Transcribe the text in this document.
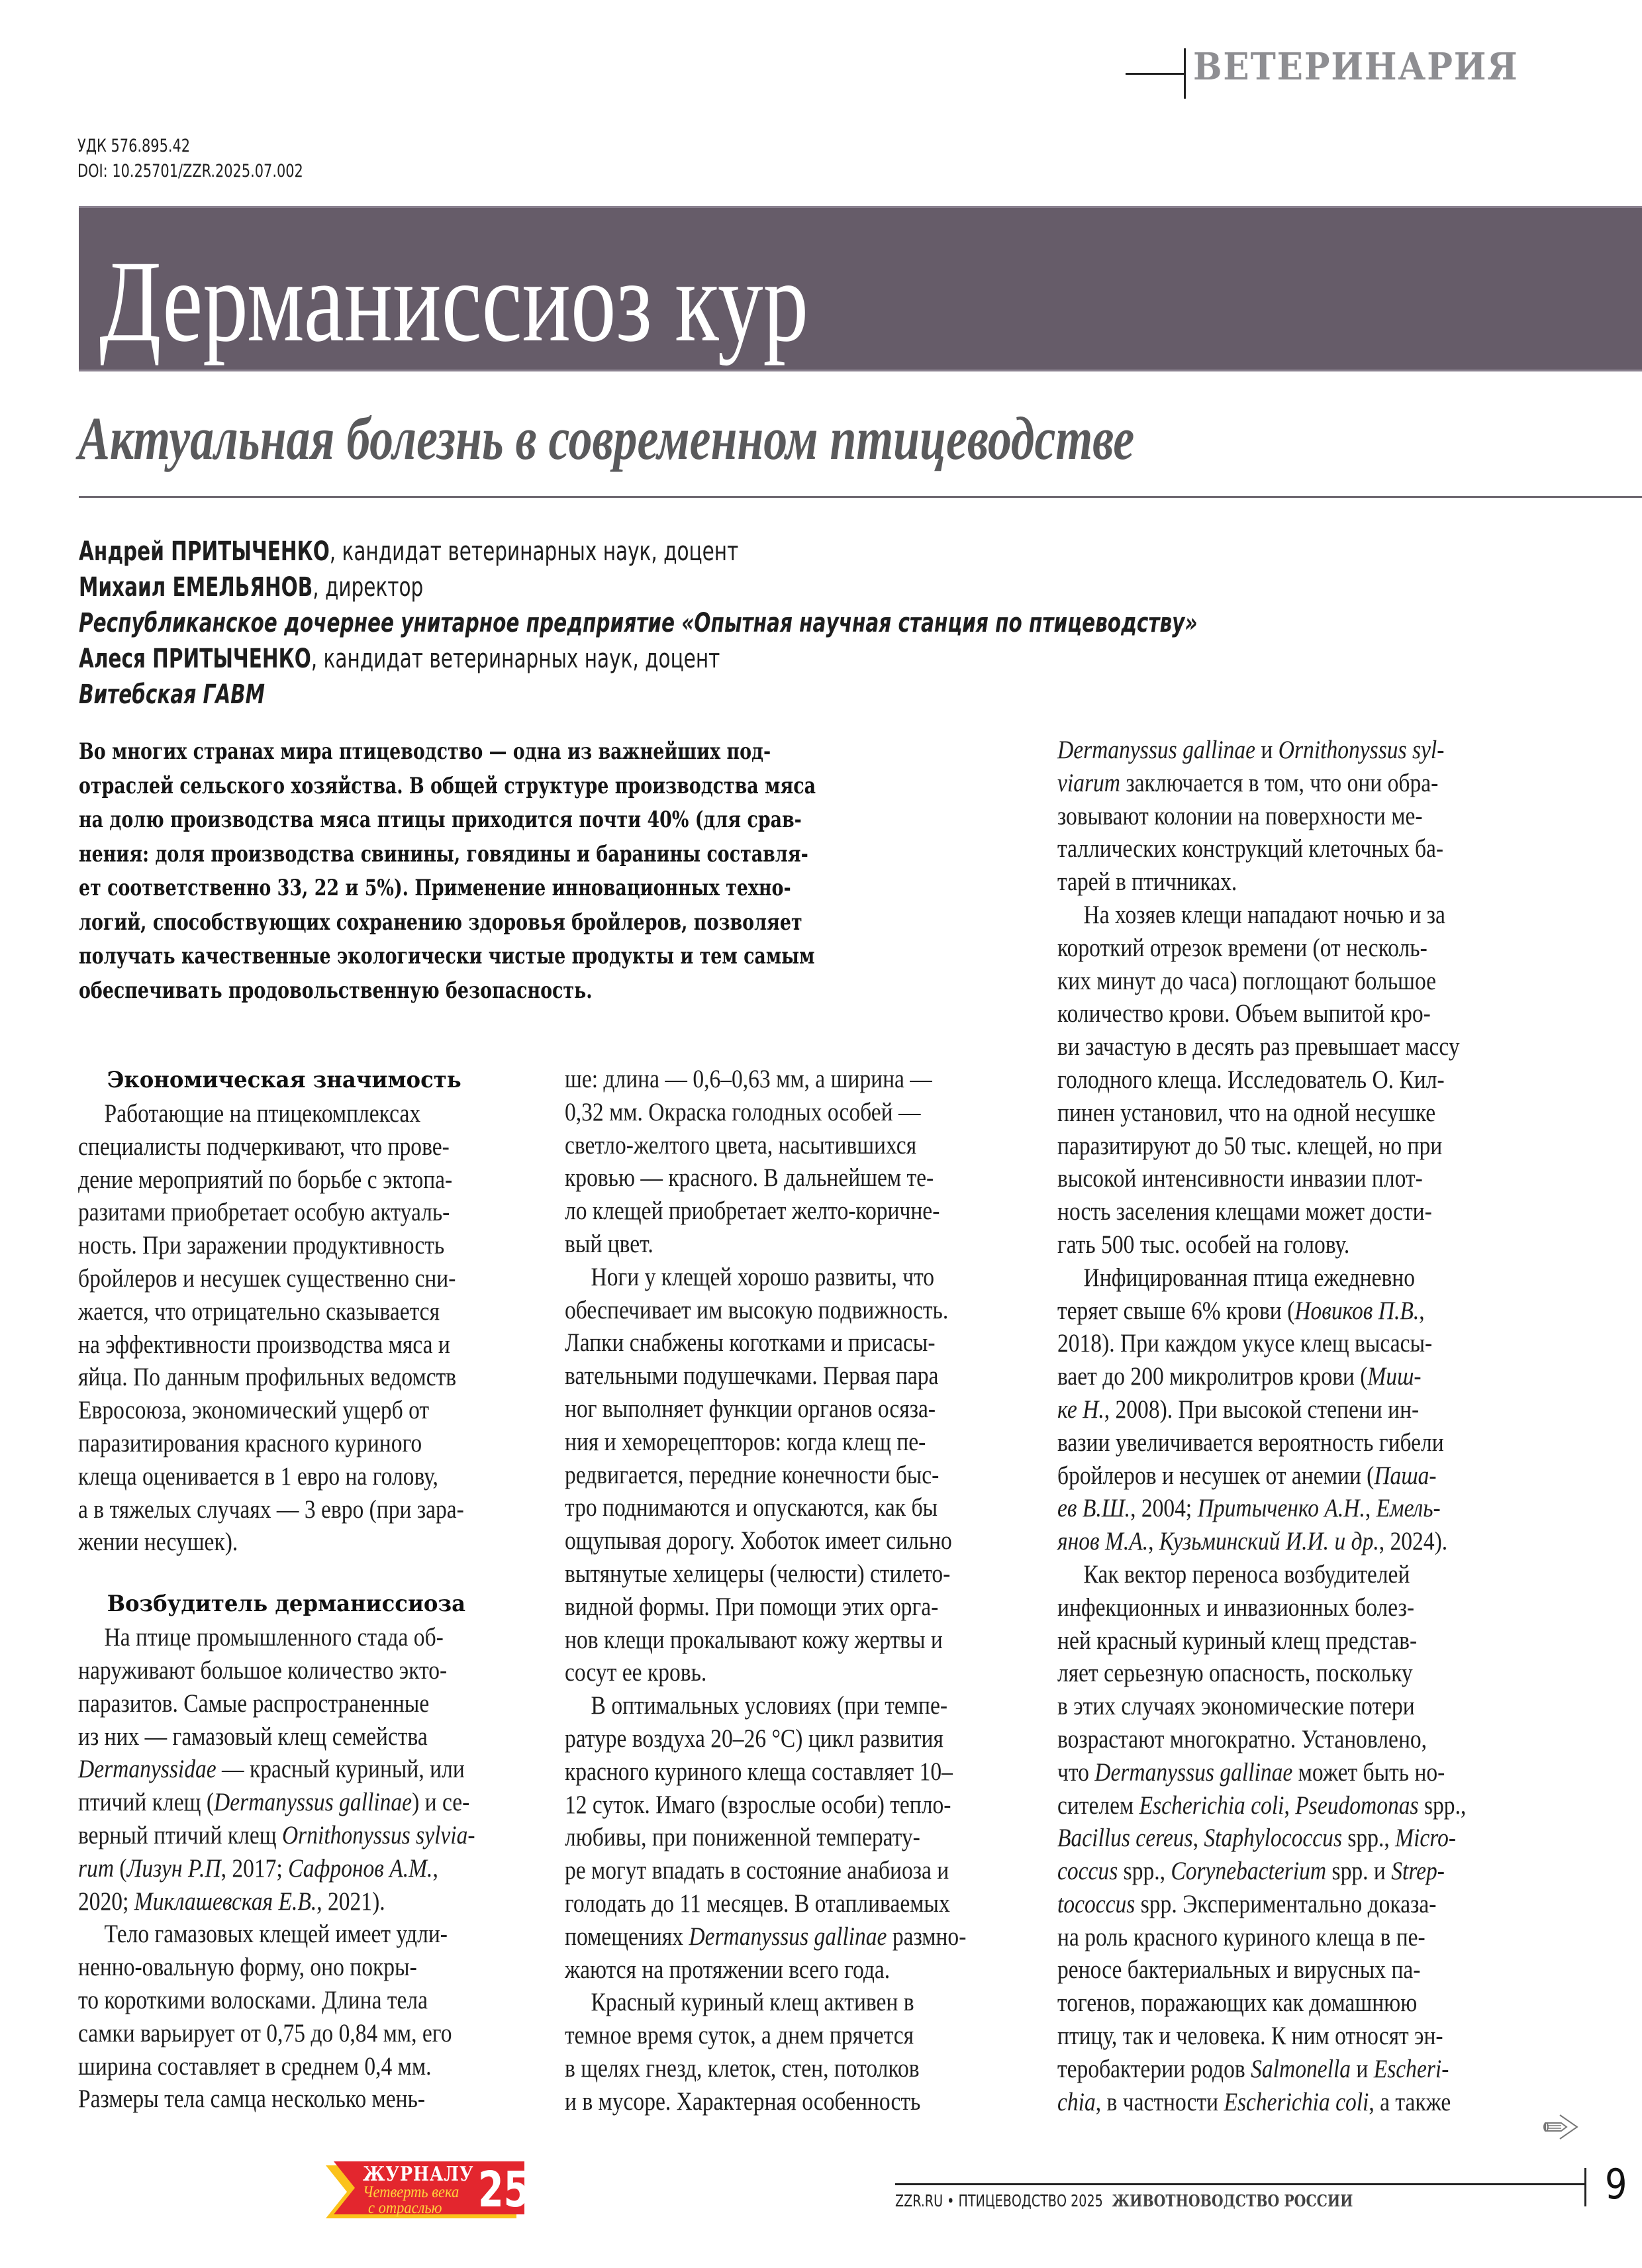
ВЕТЕРИНАРИЯ
УДК 576.895.42
DOI: 10.25701/ZZR.2025.07.002
Дерманиссиоз кур
Актуальная болезнь в современном птицеводстве
Андрей ПРИТЫЧЕНКО, кандидат ветеринарных наук, доцент
Михаил ЕМЕЛЬЯНОВ, директор
Республиканское дочернее унитарное предприятие «Опытная научная станция по птицеводству»
Алеся ПРИТЫЧЕНКО, кандидат ветеринарных наук, доцент
Витебская ГАВМ
Во многих странах мира птицеводство — одна из важнейших под-
отраслей сельского хозяйства. В общей структуре производства мяса
на долю производства мяса птицы приходится почти 40% (для срав-
нения: доля производства свинины, говядины и баранины составля-
ет соответственно 33, 22 и 5%). Применение инновационных техно-
логий, способствующих сохранению здоровья бройлеров, позволяет
получать качественные экологически чистые продукты и тем самым
обеспечивать продовольственную безопасность.
Экономическая значимость
Работающие на птицекомплексах
специалисты подчеркивают, что прове-
дение мероприятий по борьбе с эктопа-
разитами приобретает особую актуаль-
ность. При заражении продуктивность
бройлеров и несушек существенно сни-
жается, что отрицательно сказывается
на эффективности производства мяса и
яйца. По данным профильных ведомств
Евросоюза, экономический ущерб от
паразитирования красного куриного
клеща оценивается в 1 евро на голову,
а в тяжелых случаях — 3 евро (при зара-
жении несушек).
Возбудитель дерманиссиоза
На птице промышленного стада об-
наруживают большое количество экто-
паразитов. Самые распространенные
из них — гамазовый клещ семейства
Dermanyssidae — красный куриный, или
птичий клещ (Dermanyssus gallinae) и се-
верный птичий клещ Ornithonyssus sylvia-
rum (Лизун Р.П, 2017; Сафронов А.М.,
2020; Миклашевская Е.В., 2021).
Тело гамазовых клещей имеет удли-
ненно-овальную форму, оно покры-
то короткими волосками. Длина тела
самки варьирует от 0,75 до 0,84 мм, его
ширина составляет в среднем 0,4 мм.
Размеры тела самца несколько мень-
ше: длина — 0,6–0,63 мм, а ширина —
0,32 мм. Окраска голодных особей —
светло-желтого цвета, насытившихся
кровью — красного. В дальнейшем те-
ло клещей приобретает желто-коричне-
вый цвет.
Ноги у клещей хорошо развиты, что
обеспечивает им высокую подвижность.
Лапки снабжены коготками и присасы-
вательными подушечками. Первая пара
ног выполняет функции органов осяза-
ния и хеморецепторов: когда клещ пе-
редвигается, передние конечности быс-
тро поднимаются и опускаются, как бы
ощупывая дорогу. Хоботок имеет сильно
вытянутые хелицеры (челюсти) стилето-
видной формы. При помощи этих орга-
нов клещи прокалывают кожу жертвы и
сосут ее кровь.
В оптимальных условиях (при темпе-
ратуре воздуха 20–26 °С) цикл развития
красного куриного клеща составляет 10–
12 суток. Имаго (взрослые особи) тепло-
любивы, при пониженной температу-
ре могут впадать в состояние анабиоза и
голодать до 11 месяцев. В отапливаемых
помещениях Dermanyssus gallinae размно-
жаются на протяжении всего года.
Красный куриный клещ активен в
темное время суток, а днем прячется
в щелях гнезд, клеток, стен, потолков
и в мусоре. Характерная особенность
Dermanyssus gallinae и Ornithonyssus syl-
viarum заключается в том, что они обра-
зовывают колонии на поверхности ме-
таллических конструкций клеточных ба-
тарей в птичниках.
На хозяев клещи нападают ночью и за
короткий отрезок времени (от несколь-
ких минут до часа) поглощают большое
количество крови. Объем выпитой кро-
ви зачастую в десять раз превышает массу
голодного клеща. Исследователь О. Кил-
пинен установил, что на одной несушке
паразитируют до 50 тыс. клещей, но при
высокой интенсивности инвазии плот-
ность заселения клещами может дости-
гать 500 тыс. особей на голову.
Инфицированная птица ежедневно
теряет свыше 6% крови (Новиков П.В.,
2018). При каждом укусе клещ высасы-
вает до 200 микролитров крови (Миш-
ке Н., 2008). При высокой степени ин-
вазии увеличивается вероятность гибели
бройлеров и несушек от анемии (Паша-
ев В.Ш., 2004; Притыченко А.Н., Емель-
янов М.А., Кузьминский И.И. и др., 2024).
Как вектор переноса возбудителей
инфекционных и инвазионных болез-
ней красный куриный клещ представ-
ляет серьезную опасность, поскольку
в этих случаях экономические потери
возрастают многократно. Установлено,
что Dermanyssus gallinae может быть но-
сителем Escherichia coli, Pseudomonas spp.,
Bacillus cereus, Staphylococcus spp., Micro-
coccus spp., Corynebacterium spp. и Strep-
tococcus spp. Экспериментально доказа-
на роль красного куриного клеща в пе-
реносе бактериальных и вирусных па-
тогенов, поражающих как домашнюю
птицу, так и человека. К ним относят эн-
теробактерии родов Salmonella и Escheri-
chia, в частности Escherichia coli, а также
ЖУРНАЛУ
Четверть века
с отраслью 25	ZZR.RU • ПТИЦЕВОДСТВО 2025 ЖИВОТНОВОДСТВО РОССИИ	9
